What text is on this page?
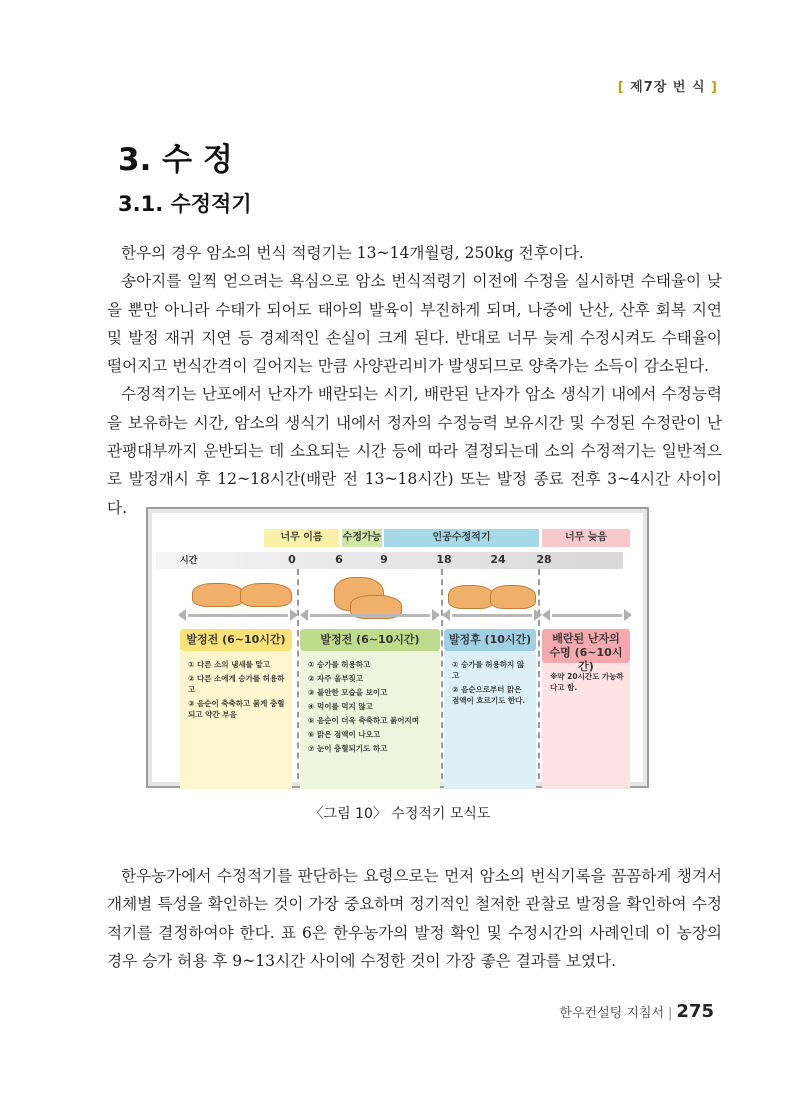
[ 제7장 번 식 ]
3. 수 정
3.1. 수정적기

한우의 경우 암소의 번식 적령기는 13~14개월령, 250kg 전후이다.

송아지를 일찍 얻으려는 욕심으로 암소 번식적령기 이전에 수정을 실시하면 수태율이 낮을 뿐만 아니라 수태가 되어도 태아의 발육이 부진하게 되며, 나중에 난산, 산후 회복 지연 및 발정 재귀 지연 등 경제적인 손실이 크게 된다. 반대로 너무 늦게 수정시켜도 수태율이 떨어지고 번식간격이 길어지는 만큼 사양관리비가 발생되므로 양축가는 소득이 감소된다.

수정적기는 난포에서 난자가 배란되는 시기, 배란된 난자가 암소 생식기 내에서 수정능력을 보유하는 시간, 암소의 생식기 내에서 정자의 수정능력 보유시간 및 수정된 수정란이 난관팽대부까지 운반되는 데 소요되는 시간 등에 따라 결정되는데 소의 수정적기는 일반적으로 발정개시 후 12~18시간(배란 전 13~18시간) 또는 발정 종료 전후 3~4시간 사이이다.

너무 이름	수정가능	인공수정적기	너무 늦음
시간	0	6	9	18	24	28
발정전 (6~10시간)
① 다른 소의 냄새를 맡고
② 다른 소에게 승가를 허용하고
③ 음순이 축축하고 붉게 충혈되고 약간 부음
발정전 (6~10시간)
① 승가를 허용하고
② 자주 울부짖고
③ 불안한 모습을 보이고
④ 먹이를 먹지 않고
⑤ 음순이 더욱 축축하고 붉어지며
⑥ 맑은 점액이 나오고
⑦ 눈이 충혈되기도 하고
발정후 (10시간)
① 승가를 허용하지 않고
② 음순으로부터 맑은 점액이 흐르기도 한다.
배란된 난자의
수명 (6~10시간)
※약 20시간도 가능하다고 함.
〈그림 10〉 수정적기 모식도

한우농가에서 수정적기를 판단하는 요령으로는 먼저 암소의 번식기록을 꼼꼼하게 챙겨서 개체별 특성을 확인하는 것이 가장 중요하며 정기적인 철저한 관찰로 발정을 확인하여 수정적기를 결정하여야 한다. 표 6은 한우농가의 발정 확인 및 수정시간의 사례인데 이 농장의 경우 승가 허용 후 9~13시간 사이에 수정한 것이 가장 좋은 결과를 보였다.

한우컨설팅 지침서 | 275
